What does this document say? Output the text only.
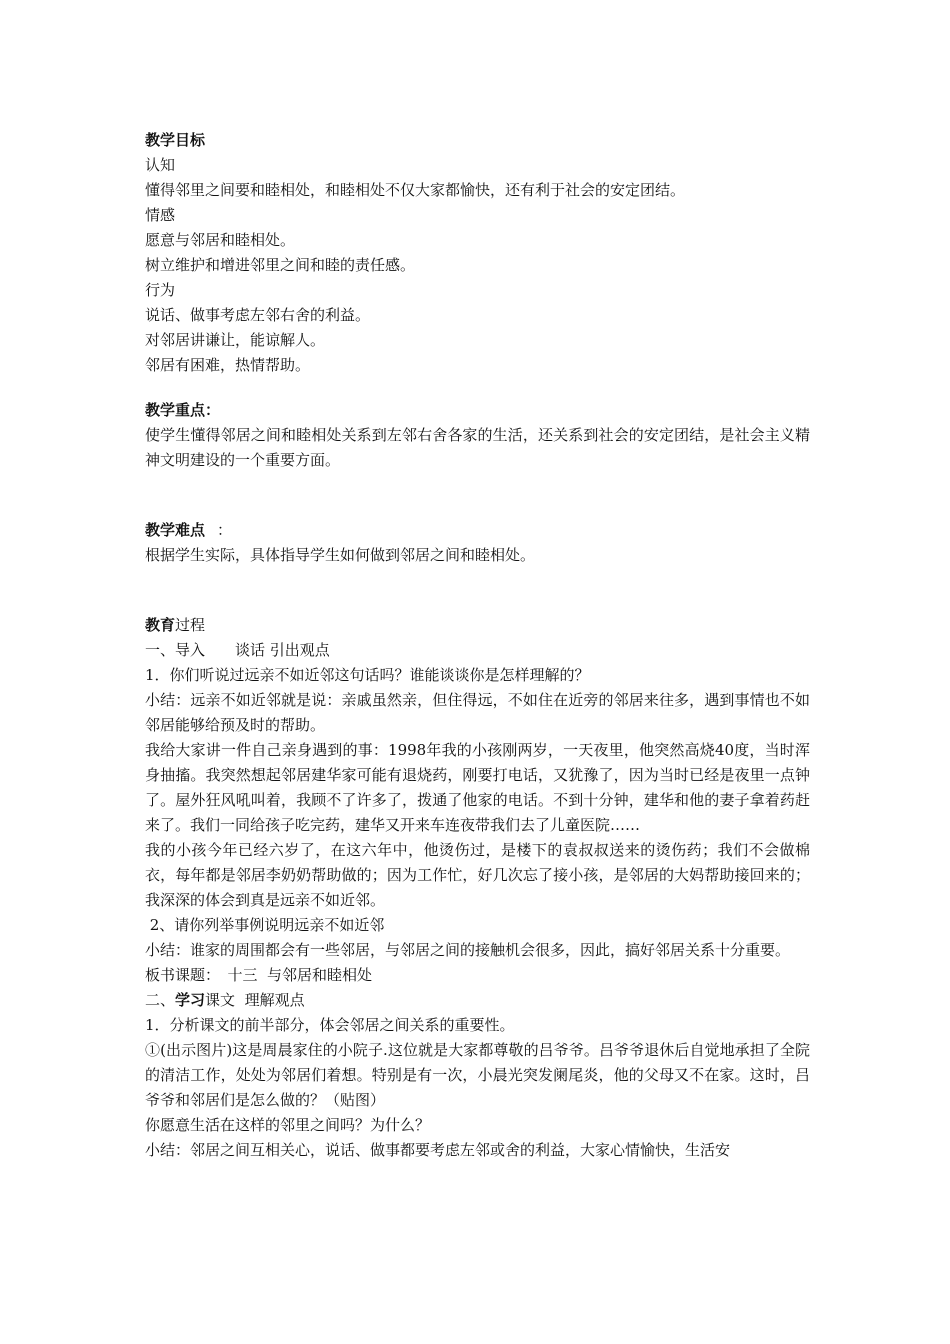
教学目标

认知

懂得邻里之间要和睦相处，和睦相处不仅大家都愉快，还有利于社会的安定团结。

情感

愿意与邻居和睦相处。

树立维护和增进邻里之间和睦的责任感。

行为

说话、做事考虑左邻右舍的利益。

对邻居讲谦让，能谅解人。

邻居有困难，热情帮助。

教学重点：

使学生懂得邻居之间和睦相处关系到左邻右舍各家的生活，还关系到社会的安定团结，是社会主义精神文明建设的一个重要方面。

教学难点 ：

根据学生实际，具体指导学生如何做到邻居之间和睦相处。

教育过程

一、导入　　谈话 引出观点

1．你们听说过远亲不如近邻这句话吗？谁能谈谈你是怎样理解的？

小结：远亲不如近邻就是说：亲戚虽然亲，但住得远，不如住在近旁的邻居来往多，遇到事情也不如邻居能够给预及时的帮助。

我给大家讲一件自己亲身遇到的事：1998年我的小孩刚两岁，一天夜里，他突然高烧40度，当时浑身抽搐。我突然想起邻居建华家可能有退烧药，刚要打电话，又犹豫了，因为当时已经是夜里一点钟了。屋外狂风吼叫着，我顾不了许多了，拨通了他家的电话。不到十分钟，建华和他的妻子拿着药赶来了。我们一同给孩子吃完药，建华又开来车连夜带我们去了儿童医院……

我的小孩今年已经六岁了，在这六年中，他烫伤过，是楼下的袁叔叔送来的烫伤药；我们不会做棉衣，每年都是邻居李奶奶帮助做的；因为工作忙，好几次忘了接小孩，是邻居的大妈帮助接回来的；我深深的体会到真是远亲不如近邻。

2、请你列举事例说明远亲不如近邻

小结：谁家的周围都会有一些邻居，与邻居之间的接触机会很多，因此，搞好邻居关系十分重要。

板书课题：　十三  与邻居和睦相处

二、学习课文  理解观点

1．分析课文的前半部分，体会邻居之间关系的重要性。

①(出示图片)这是周晨家住的小院子.这位就是大家都尊敬的吕爷爷。吕爷爷退休后自觉地承担了全院的清洁工作，处处为邻居们着想。特别是有一次，小晨光突发阑尾炎，他的父母又不在家。这时，吕爷爷和邻居们是怎么做的？（贴图）

你愿意生活在这样的邻里之间吗？为什么？

小结：邻居之间互相关心，说话、做事都要考虑左邻或舍的利益，大家心情愉快，生活安
